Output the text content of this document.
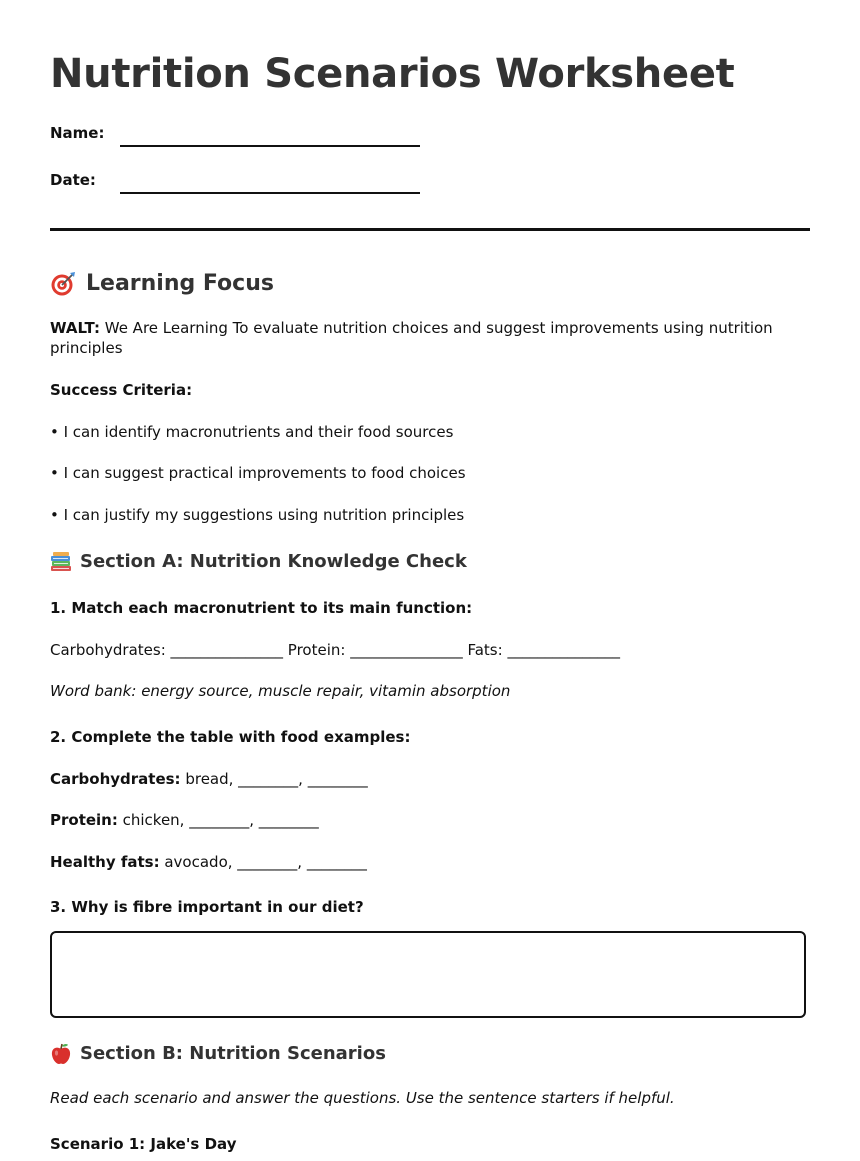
Nutrition Scenarios Worksheet
Name:
Date:
Learning Focus

WALT: We Are Learning To evaluate nutrition choices and suggest improvements using nutrition principles

Success Criteria:

• I can identify macronutrients and their food sources

• I can suggest practical improvements to food choices

• I can justify my suggestions using nutrition principles

Section A: Nutrition Knowledge Check

1. Match each macronutrient to its main function:

Carbohydrates: _______________ Protein: _______________ Fats: _______________

Word bank: energy source, muscle repair, vitamin absorption

2. Complete the table with food examples:

Carbohydrates: bread, ________, ________

Protein: chicken, ________, ________

Healthy fats: avocado, ________, ________

3. Why is fibre important in our diet?

Section B: Nutrition Scenarios

Read each scenario and answer the questions. Use the sentence starters if helpful.

Scenario 1: Jake's Day
